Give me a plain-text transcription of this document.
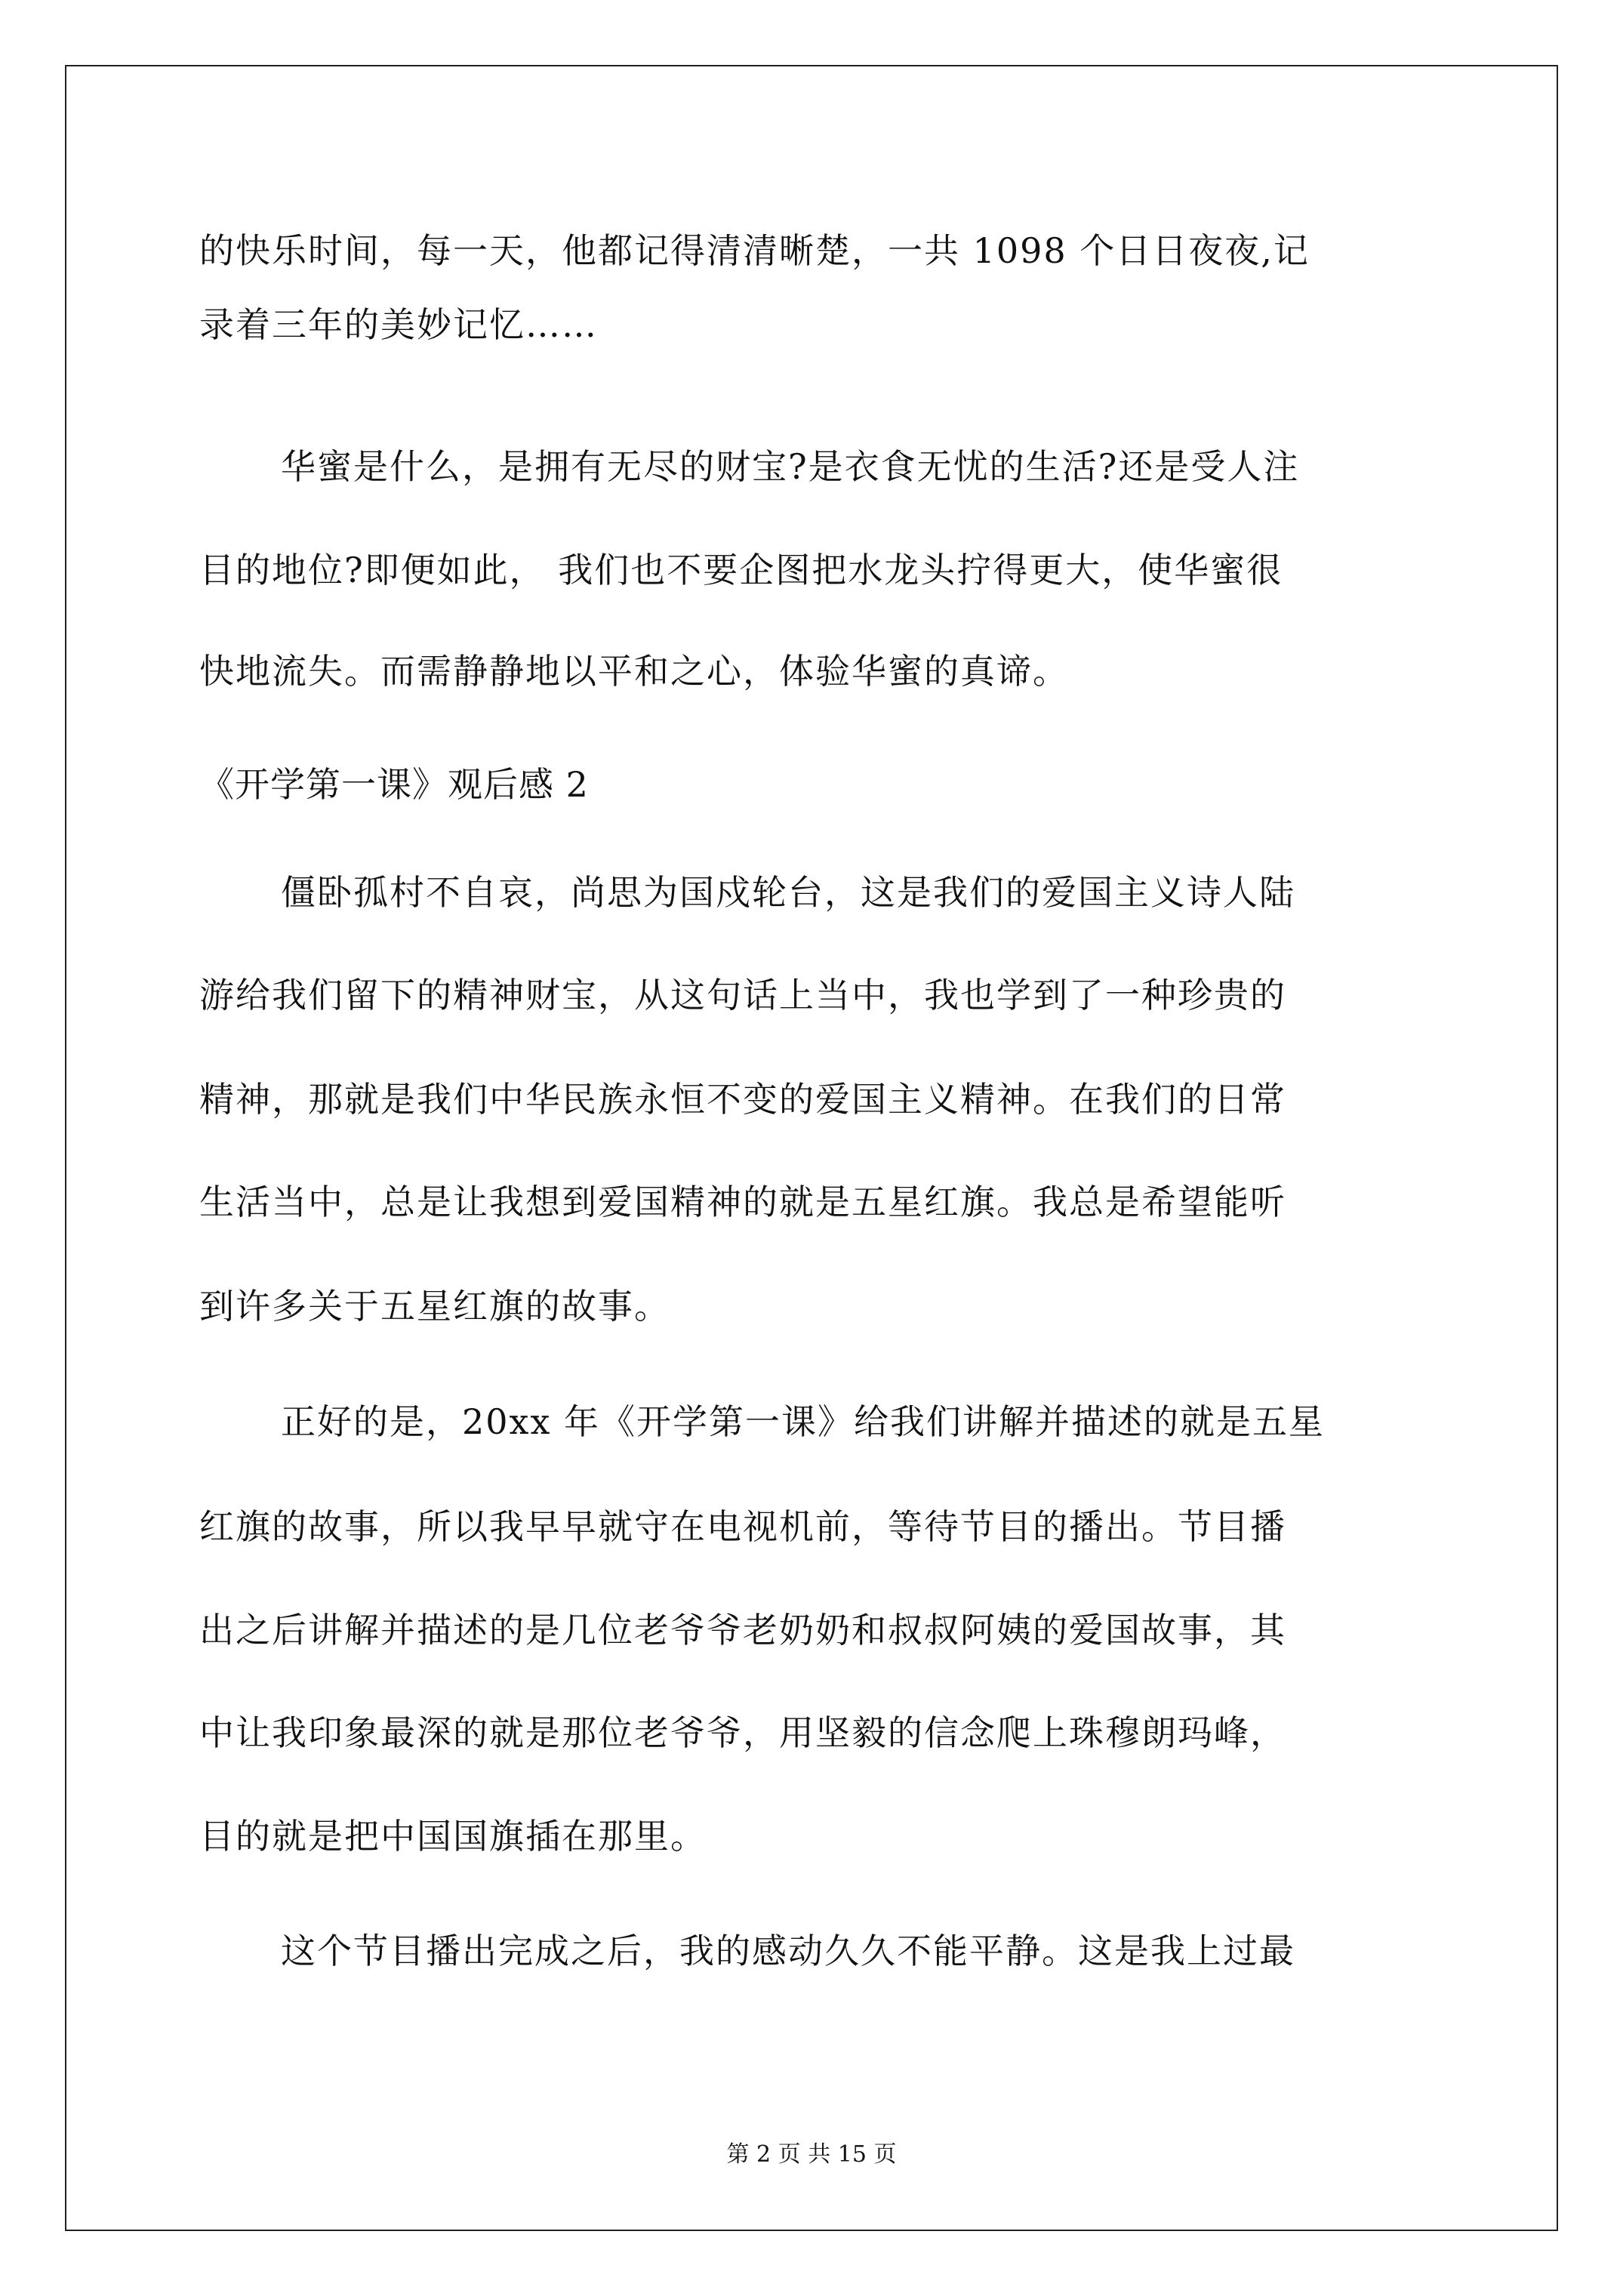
的快乐时间，每一天，他都记得清清晰楚，一共 1098 个日日夜夜,记
录着三年的美妙记忆……
华蜜是什么，是拥有无尽的财宝?是衣食无忧的生活?还是受人注
目的地位?即便如此， 我们也不要企图把水龙头拧得更大，使华蜜很
快地流失。而需静静地以平和之心，体验华蜜的真谛。
《开学第一课》观后感 2
僵卧孤村不自哀，尚思为国戍轮台，这是我们的爱国主义诗人陆
游给我们留下的精神财宝，从这句话上当中，我也学到了一种珍贵的
精神，那就是我们中华民族永恒不变的爱国主义精神。在我们的日常
生活当中，总是让我想到爱国精神的就是五星红旗。我总是希望能听
到许多关于五星红旗的故事。
正好的是，20xx 年《开学第一课》给我们讲解并描述的就是五星
红旗的故事，所以我早早就守在电视机前，等待节目的播出。节目播
出之后讲解并描述的是几位老爷爷老奶奶和叔叔阿姨的爱国故事，其
中让我印象最深的就是那位老爷爷，用坚毅的信念爬上珠穆朗玛峰，
目的就是把中国国旗插在那里。
这个节目播出完成之后，我的感动久久不能平静。这是我上过最
第 2 页 共 15 页
